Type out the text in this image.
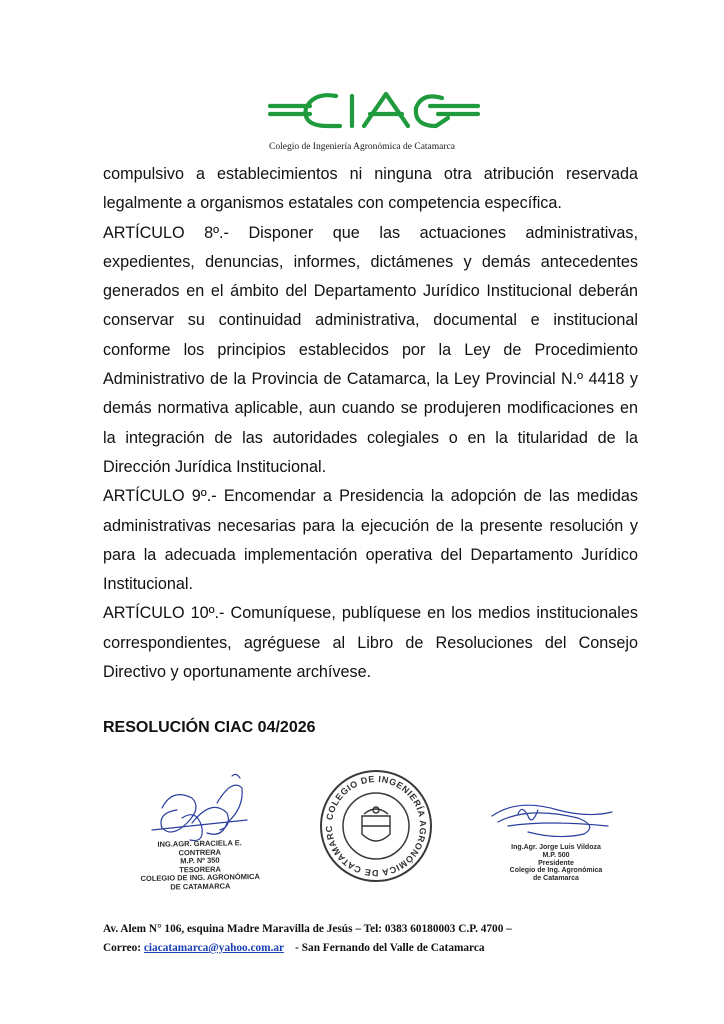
Colegio de Ingeniería Agronómica de Catamarca

compulsivo a establecimientos ni ninguna otra atribución reservada legalmente a organismos estatales con competencia específica.

ARTÍCULO 8º.- Disponer que las actuaciones administrativas, expedientes, denuncias, informes, dictámenes y demás antecedentes generados en el ámbito del Departamento Jurídico Institucional deberán conservar su continuidad administrativa, documental e institucional conforme los principios establecidos por la Ley de Procedimiento Administrativo de la Provincia de Catamarca, la Ley Provincial N.º 4418 y demás normativa aplicable, aun cuando se produjeren modificaciones en la integración de las autoridades colegiales o en la titularidad de la Dirección Jurídica Institucional.

ARTÍCULO 9º.- Encomendar a Presidencia la adopción de las medidas administrativas necesarias para la ejecución de la presente resolución y para la adecuada implementación operativa del Departamento Jurídico Institucional.

ARTÍCULO 10º.- Comuníquese, publíquese en los medios institucionales correspondientes, agréguese al Libro de Resoluciones del Consejo Directivo y oportunamente archívese.

RESOLUCIÓN CIAC 04/2026
ING.AGR. GRACIELA E. CONTRERA
M.P. Nº 350
TESORERA
COLEGIO DE ING. AGRONÓMICA DE CATAMARCA
COLEGIO DE INGENIERÍA AGRONÓMICA DE CATAMARC
Ing.Agr. Jorge Luis Vildoza
M.P. 500
Presidente
Colegio de Ing. Agronómica
de Catamarca
Av. Alem N° 106, esquina Madre Maravilla de Jesús – Tel: 0383 60180003 C.P. 4700 –
Correo: ciacatamarca@yahoo.com.ar - San Fernando del Valle de Catamarca
